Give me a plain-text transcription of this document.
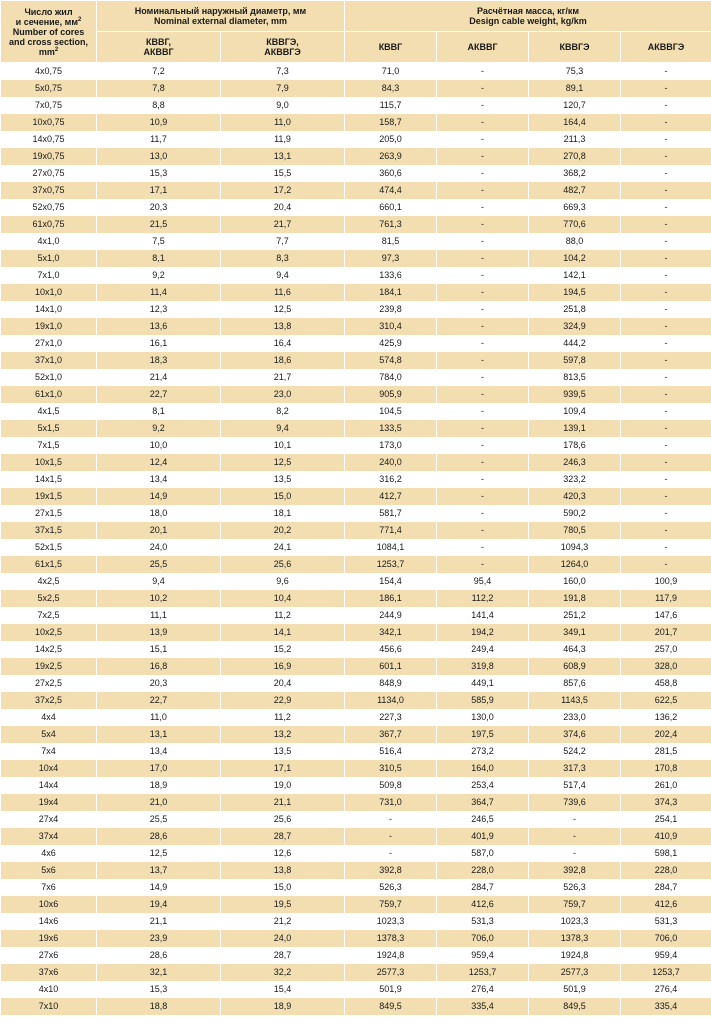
Число жил
и сечение, $мм^2$
Number of cores
and cross section,
$mm^2$	Номинальный наружный диаметр, мм
Nominal external diameter, mm		Расчётная масса, кг/км
Design cable weight, kg/km			
	КВВГ,
АКВВГ	КВВГЭ,
АКВВГЭ	КВВГ	АКВВГ	КВВГЭ	АКВВГЭ
4x0,75	7,2	7,3	71,0	-	75,3	-
5x0,75	7,8	7,9	84,3	-	89,1	-
7x0,75	8,8	9,0	115,7	-	120,7	-
10x0,75	10,9	11,0	158,7	-	164,4	-
14x0,75	11,7	11,9	205,0	-	211,3	-
19x0,75	13,0	13,1	263,9	-	270,8	-
27x0,75	15,3	15,5	360,6	-	368,2	-
37x0,75	17,1	17,2	474,4	-	482,7	-
52x0,75	20,3	20,4	660,1	-	669,3	-
61x0,75	21,5	21,7	761,3	-	770,6	-
4x1,0	7,5	7,7	81,5	-	88,0	-
5x1,0	8,1	8,3	97,3	-	104,2	-
7x1,0	9,2	9,4	133,6	-	142,1	-
10x1,0	11,4	11,6	184,1	-	194,5	-
14x1,0	12,3	12,5	239,8	-	251,8	-
19x1,0	13,6	13,8	310,4	-	324,9	-
27x1,0	16,1	16,4	425,9	-	444,2	-
37x1,0	18,3	18,6	574,8	-	597,8	-
52x1,0	21,4	21,7	784,0	-	813,5	-
61x1,0	22,7	23,0	905,9	-	939,5	-
4x1,5	8,1	8,2	104,5	-	109,4	-
5x1,5	9,2	9,4	133,5	-	139,1	-
7x1,5	10,0	10,1	173,0	-	178,6	-
10x1,5	12,4	12,5	240,0	-	246,3	-
14x1,5	13,4	13,5	316,2	-	323,2	-
19x1,5	14,9	15,0	412,7	-	420,3	-
27x1,5	18,0	18,1	581,7	-	590,2	-
37x1,5	20,1	20,2	771,4	-	780,5	-
52x1,5	24,0	24,1	1084,1	-	1094,3	-
61x1,5	25,5	25,6	1253,7	-	1264,0	-
4x2,5	9,4	9,6	154,4	95,4	160,0	100,9
5x2,5	10,2	10,4	186,1	112,2	191,8	117,9
7x2,5	11,1	11,2	244,9	141,4	251,2	147,6
10x2,5	13,9	14,1	342,1	194,2	349,1	201,7
14x2,5	15,1	15,2	456,6	249,4	464,3	257,0
19x2,5	16,8	16,9	601,1	319,8	608,9	328,0
27x2,5	20,3	20,4	848,9	449,1	857,6	458,8
37x2,5	22,7	22,9	1134,0	585,9	1143,5	622,5
4x4	11,0	11,2	227,3	130,0	233,0	136,2
5x4	13,1	13,2	367,7	197,5	374,6	202,4
7x4	13,4	13,5	516,4	273,2	524,2	281,5
10x4	17,0	17,1	310,5	164,0	317,3	170,8
14x4	18,9	19,0	509,8	253,4	517,4	261,0
19x4	21,0	21,1	731,0	364,7	739,6	374,3
27x4	25,5	25,6	-	246,5	-	254,1
37x4	28,6	28,7	-	401,9	-	410,9
4x6	12,5	12,6	-	587,0	-	598,1
5x6	13,7	13,8	392,8	228,0	392,8	228,0
7x6	14,9	15,0	526,3	284,7	526,3	284,7
10x6	19,4	19,5	759,7	412,6	759,7	412,6
14x6	21,1	21,2	1023,3	531,3	1023,3	531,3
19x6	23,9	24,0	1378,3	706,0	1378,3	706,0
27x6	28,6	28,7	1924,8	959,4	1924,8	959,4
37x6	32,1	32,2	2577,3	1253,7	2577,3	1253,7
4x10	15,3	15,4	501,9	276,4	501,9	276,4
7x10	18,8	18,9	849,5	335,4	849,5	335,4
